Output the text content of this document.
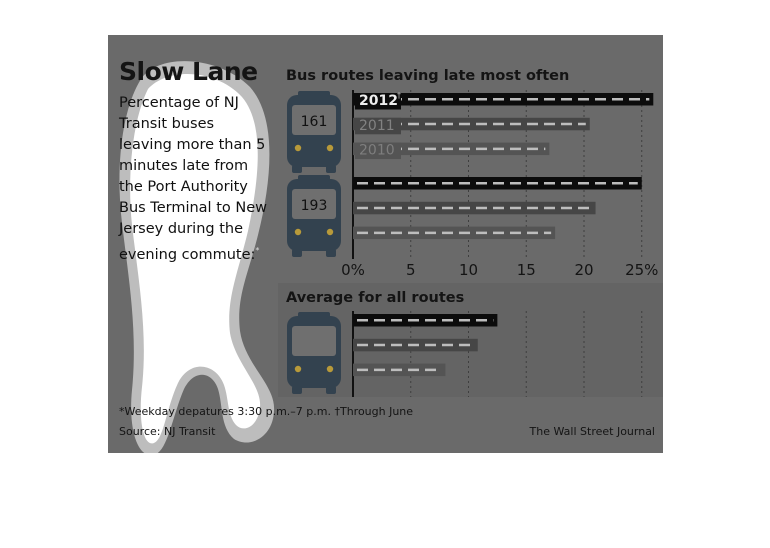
161
2012 †
2011
2010
193
0%	5	10	15	20 25%
Slow Lane

Percentage of NJ Transit buses leaving more than 5 minutes late from the Port Authority Bus Terminal to New Jersey during the evening commute:*

Bus routes leaving late most often
Average for all routes
*Weekday depatures 3:30 p.m.–7 p.m. †Through June
Source: NJ Transit	The Wall Street Journal
